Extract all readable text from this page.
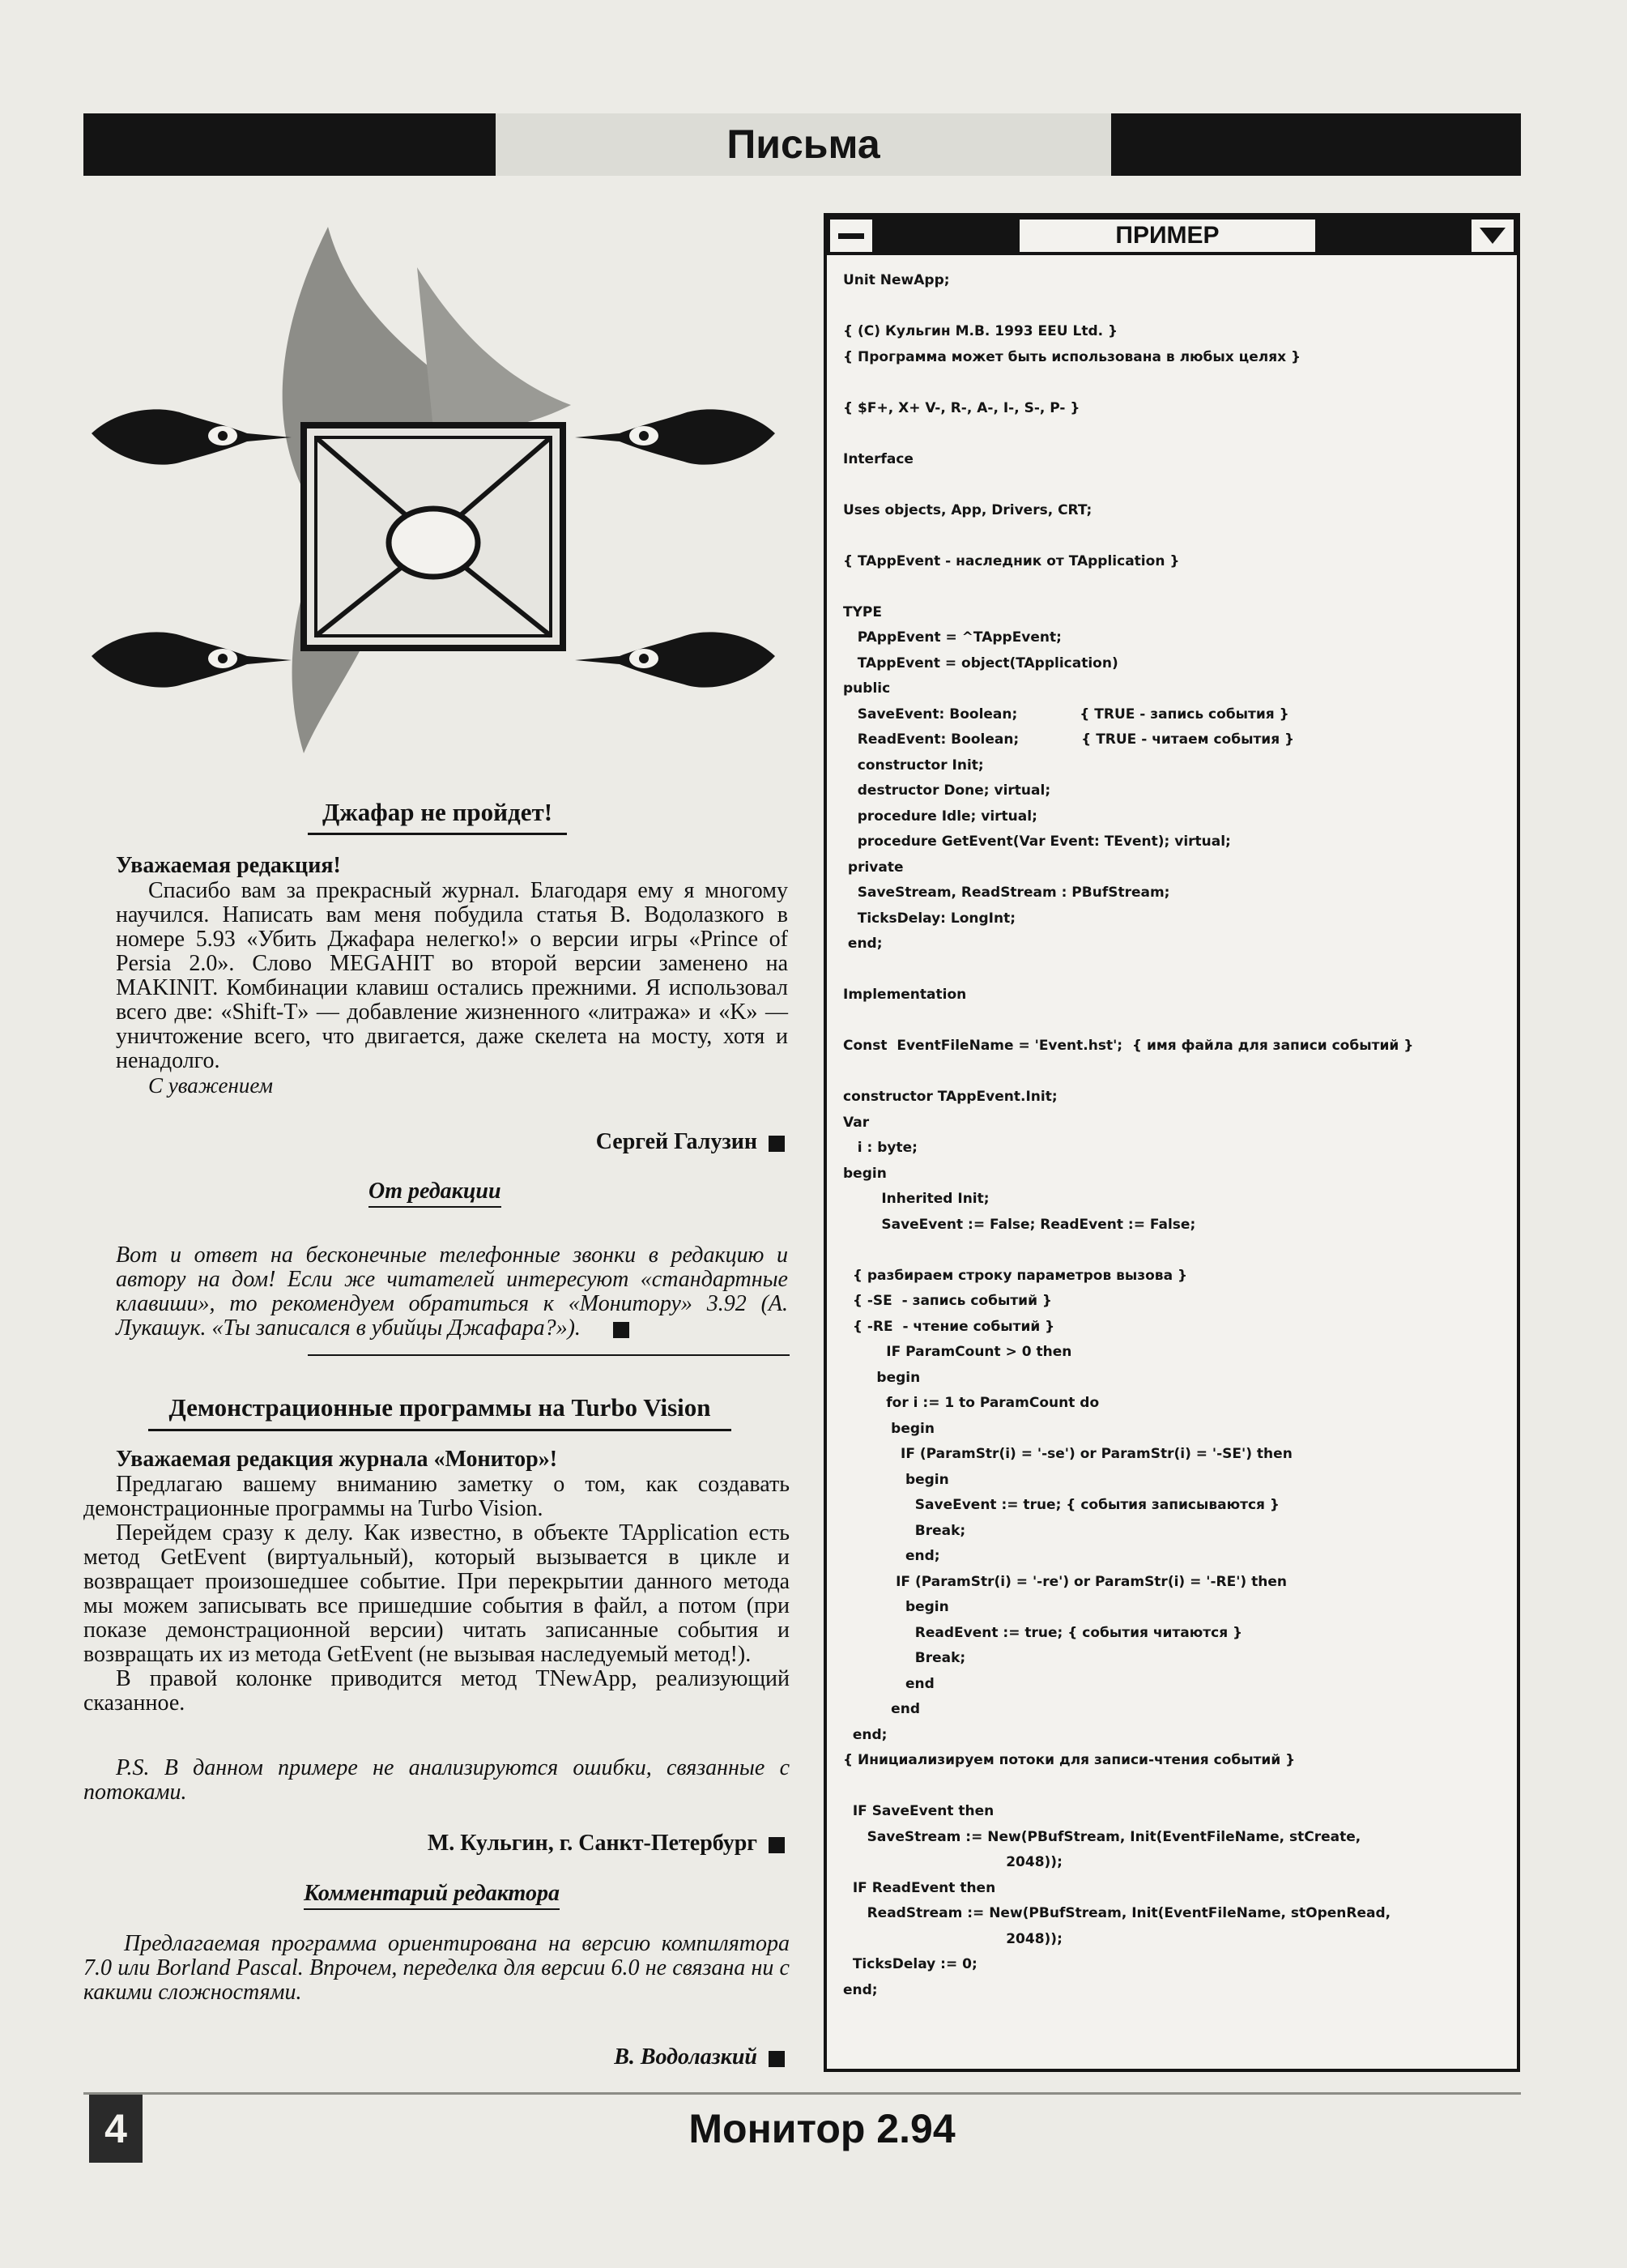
Письма
Джафар не пройдет!
Уважаемая редакция!

Спасибо вам за прекрасный журнал. Благодаря ему я многому научился. Написать вам меня побудила статья В. Водолазкого в номере 5.93 «Убить Джафара нелегко!» о версии игры «Prince of Persia 2.0». Слово MEGAHIT во второй версии заменено на MAKINIT. Комбинации клавиш остались прежними. Я использовал всего две: «Shift-T» — добавление жизненного «литража» и «K» — уничтожение всего, что двигается, даже скелета на мосту, хотя и ненадолго.

С уважением
Сергей Галузин
От редакции
Вот и ответ на бесконечные телефонные звонки в редакцию и автору на дом! Если же читателей интересуют «стандартные клавиши», то рекомендуем обратиться к «Монитору» 3.92 (А. Лукашук. «Ты записался в убийцы Джафара?»).
Демонстрационные программы на Turbo Vision
Уважаемая редакция журнала «Монитор»!

Предлагаю вашему вниманию заметку о том, как создавать демонстрационные программы на Turbo Vision.

Перейдем сразу к делу. Как известно, в объекте TApplication есть метод GetEvent (виртуальный), который вызывается в цикле и возвращает произошедшее событие. При перекрытии данного метода мы можем записывать все пришедшие события в файл, а потом (при показе демонстрационной версии) читать записанные события и возвращать их из метода GetEvent (не вызывая наследуемый метод!).

В правой колонке приводится метод TNewApp, реализующий сказанное.

P.S. В данном примере не анализируются ошибки, связанные с потоками.
М. Кульгин, г. Санкт-Петербург
Комментарий редактора
Предлагаемая программа ориентирована на версию компилятора 7.0 или Borland Pascal. Впрочем, переделка для версии 6.0 не связана ни с какими сложностями.
В. Водолазкий
ПРИМЕР
Unit NewApp;
{ (C) Кульгин М.В. 1993 EEU Ltd. }
{ Программа может быть использована в любых целях }
{ $F+, X+ V-, R-, A-, I-, S-, P- }
Interface
Uses objects, App, Drivers, CRT;
{ TAppEvent - наследник от TApplication }
TYPE
PAppEvent = ^TAppEvent;
TAppEvent = object(TApplication)
public
SaveEvent: Boolean;             { TRUE - запись события }
ReadEvent: Boolean;             { TRUE - читаем события }
constructor Init;
destructor Done; virtual;
procedure Idle; virtual;
procedure GetEvent(Var Event: TEvent); virtual;
private
SaveStream, ReadStream : PBufStream;
TicksDelay: LongInt;
end;
Implementation
Const  EventFileName = 'Event.hst';  { имя файла для записи событий }
constructor TAppEvent.Init;
Var
i : byte;
begin
Inherited Init;
SaveEvent := False; ReadEvent := False;
{ разбираем строку параметров вызова }
{ -SE  - запись событий }
{ -RE  - чтение событий }
IF ParamCount > 0 then
begin
for i := 1 to ParamCount do
begin
IF (ParamStr(i) = '-se') or ParamStr(i) = '-SE') then
begin
SaveEvent := true; { события записываются }
Break;
end;
IF (ParamStr(i) = '-re') or ParamStr(i) = '-RE') then
begin
ReadEvent := true; { события читаются }
Break;
end
end
end;
{ Инициализируем потоки для записи-чтения событий }
IF SaveEvent then
SaveStream := New(PBufStream, Init(EventFileName, stCreate,
2048));
IF ReadEvent then
ReadStream := New(PBufStream, Init(EventFileName, stOpenRead,
2048));
TicksDelay := 0;
end;
4	Монитор 2.94
